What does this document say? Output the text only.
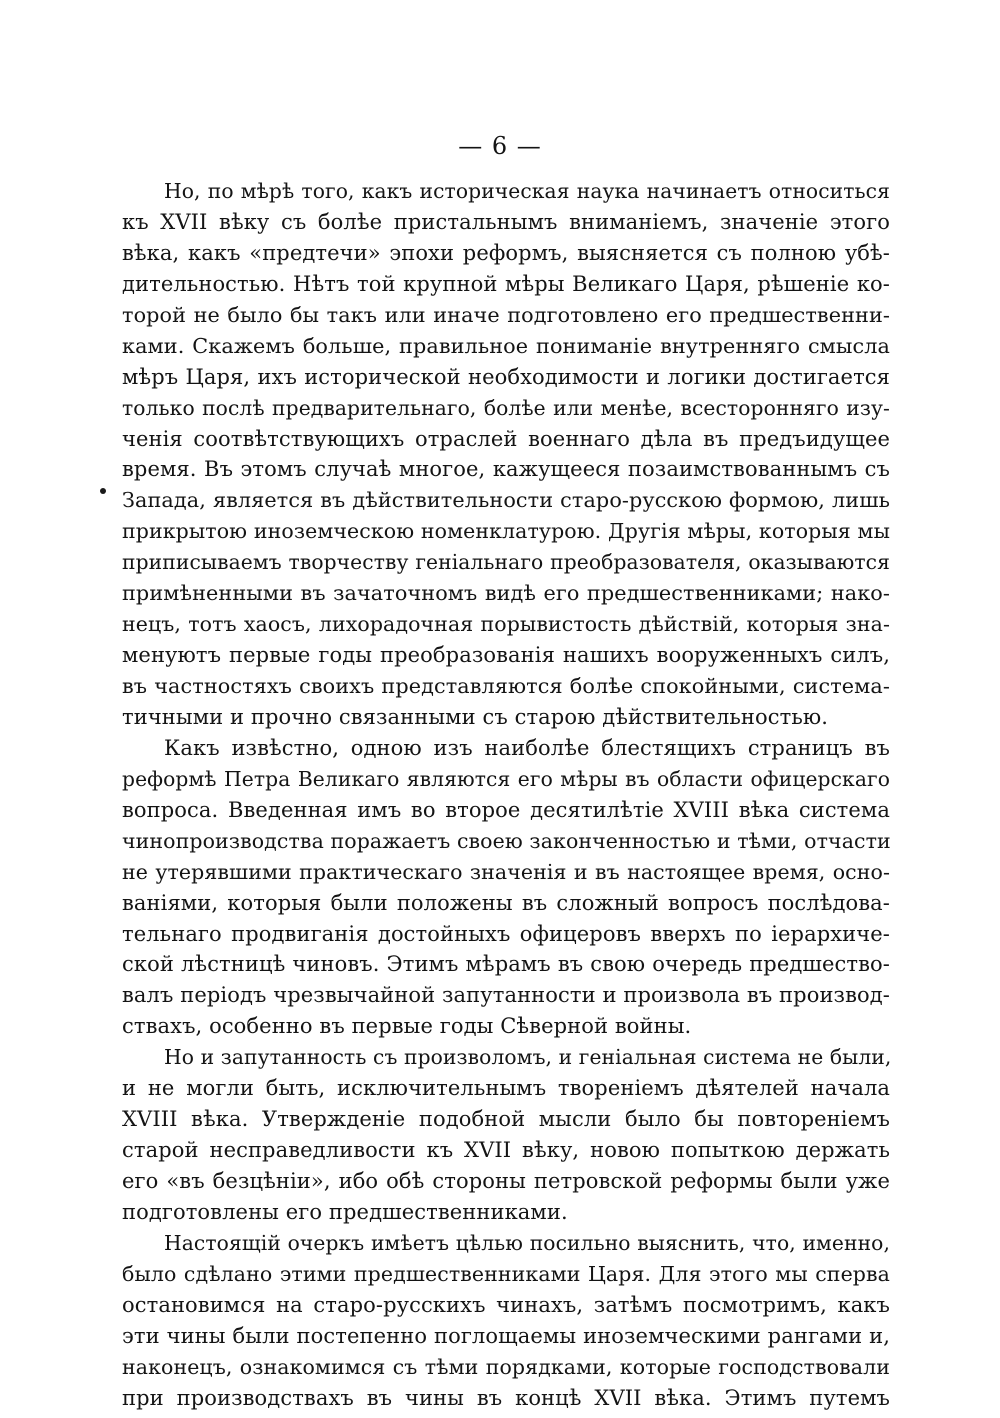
— 6 —
Но, по мѣрѣ того, какъ историческая наука начинаетъ относиться
къ XVII вѣку съ болѣе пристальнымъ вниманіемъ, значеніе этого
вѣка, какъ «предтечи» эпохи реформъ, выясняется съ полною убѣ-
дительностью. Нѣтъ той крупной мѣры Великаго Царя, рѣшеніе ко-
торой не было бы такъ или иначе подготовлено его предшественни-
ками. Скажемъ больше, правильное пониманіе внутренняго смысла
мѣръ Царя, ихъ исторической необходимости и логики достигается
только послѣ предварительнаго, болѣе или менѣе, всесторонняго изу-
ченія соотвѣтствующихъ отраслей военнаго дѣла въ предъидущее
время. Въ этомъ случаѣ многое, кажущееся позаимствованнымъ съ
Запада, является въ дѣйствительности старо-русскою формою, лишь
прикрытою иноземческою номенклатурою. Другія мѣры, которыя мы
приписываемъ творчеству геніальнаго преобразователя, оказываются
примѣненными въ зачаточномъ видѣ его предшественниками; нако-
нецъ, тотъ хаосъ, лихорадочная порывистость дѣйствій, которыя зна-
менуютъ первые годы преобразованія нашихъ вооруженныхъ силъ,
въ частностяхъ своихъ представляются болѣе спокойными, система-
тичными и прочно связанными съ старою дѣйствительностью.
Какъ извѣстно, одною изъ наиболѣе блестящихъ страницъ въ
реформѣ Петра Великаго являются его мѣры въ области офицерскаго
вопроса. Введенная имъ во второе десятилѣтіе XVIII вѣка система
чинопроизводства поражаетъ своею законченностью и тѣми, отчасти
не утерявшими практическаго значенія и въ настоящее время, осно-
ваніями, которыя были положены въ сложный вопросъ послѣдова-
тельнаго продвиганія достойныхъ офицеровъ вверхъ по іерархиче-
ской лѣстницѣ чиновъ. Этимъ мѣрамъ въ свою очередь предшество-
валъ періодъ чрезвычайной запутанности и произвола въ производ-
ствахъ, особенно въ первые годы Сѣверной войны.
Но и запутанность съ произволомъ, и геніальная система не были,
и не могли быть, исключительнымъ твореніемъ дѣятелей начала
XVIII вѣка. Утвержденіе подобной мысли было бы повтореніемъ
старой несправедливости къ XVII вѣку, новою попыткою держать
его «въ безцѣніи», ибо обѣ стороны петровской реформы были уже
подготовлены его предшественниками.
Настоящій очеркъ имѣетъ цѣлью посильно выяснить, что, именно,
было сдѣлано этими предшественниками Царя. Для этого мы сперва
остановимся на старо-русскихъ чинахъ, затѣмъ посмотримъ, какъ
эти чины были постепенно поглощаемы иноземческими рангами и,
наконецъ, ознакомимся съ тѣми порядками, которые господствовали
при производствахъ въ чины въ концѣ XVII вѣка. Этимъ путемъ
